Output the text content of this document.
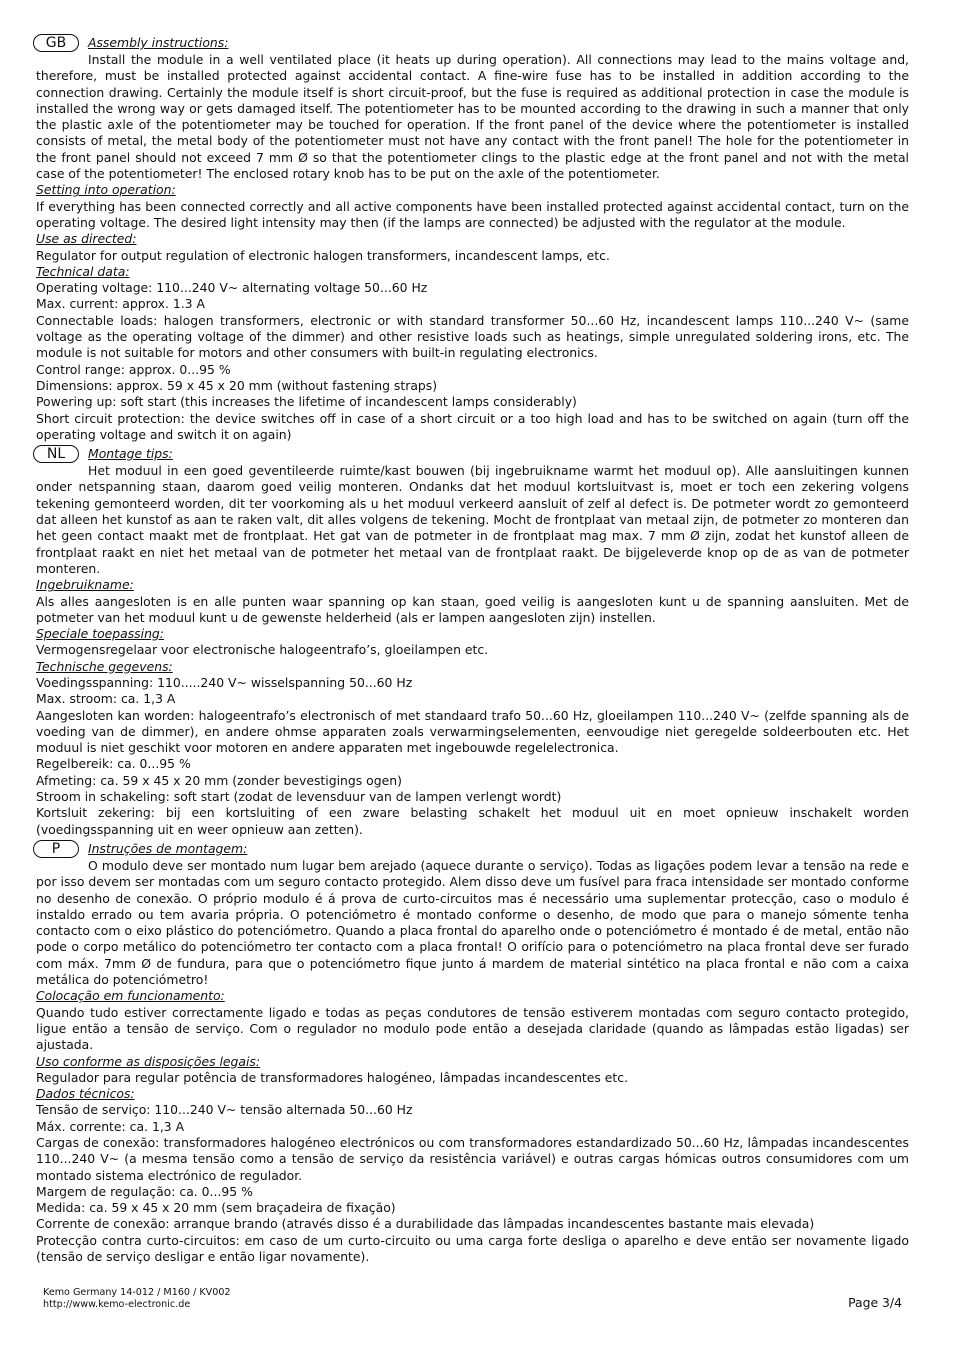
GB	Assembly instructions:

Install the module in a well ventilated place (it heats up during operation). All connections may lead to the mains voltage and, therefore, must be installed protected against accidental contact. A fine-wire fuse has to be installed in addition according to the connection drawing. Certainly the module itself is short circuit-proof, but the fuse is required as additional protection in case the module is installed the wrong way or gets damaged itself. The potentiometer has to be mounted according to the drawing in such a manner that only the plastic axle of the potentiometer may be touched for operation. If the front panel of the device where the potentiometer is installed consists of metal, the metal body of the potentiometer must not have any contact with the front panel! The hole for the potentiometer in the front panel should not exceed 7 mm Ø so that the potentiometer clings to the plastic edge at the front panel and not with the metal case of the potentiometer! The enclosed rotary knob has to be put on the axle of the potentiometer.

Setting into operation:

If everything has been connected correctly and all active components have been installed protected against accidental contact, turn on the operating voltage. The desired light intensity may then (if the lamps are connected) be adjusted with the regulator at the module.

Use as directed:

Regulator for output regulation of electronic halogen transformers, incandescent lamps, etc.

Technical data:

Operating voltage: 110...240 V~ alternating voltage 50...60 Hz

Max. current: approx. 1.3 A

Connectable loads: halogen transformers, electronic or with standard transformer 50...60 Hz, incandescent lamps 110...240 V~ (same voltage as the operating voltage of the dimmer) and other resistive loads such as heatings, simple unregulated soldering irons, etc. The module is not suitable for motors and other consumers with built-in regulating electronics.

Control range: approx. 0...95 %

Dimensions: approx. 59 x 45 x 20 mm (without fastening straps)

Powering up: soft start (this increases the lifetime of incandescent lamps considerably)

Short circuit protection: the device switches off in case of a short circuit or a too high load and has to be switched on again (turn off the operating voltage and switch it on again)

NL	Montage tips:

Het moduul in een goed geventileerde ruimte/kast bouwen (bij ingebruikname warmt het moduul op). Alle aansluitingen kunnen onder netspanning staan, daarom goed veilig monteren. Ondanks dat het moduul kortsluitvast is, moet er toch een zekering volgens tekening gemonteerd worden, dit ter voorkoming als u het moduul verkeerd aansluit of zelf al defect is. De potmeter wordt zo gemonteerd dat alleen het kunstof as aan te raken valt, dit alles volgens de tekening. Mocht de frontplaat van metaal zijn, de potmeter zo monteren dan het geen contact maakt met de frontplaat. Het gat van de potmeter in de frontplaat mag max. 7 mm Ø zijn, zodat het kunstof alleen de frontplaat raakt en niet het metaal van de potmeter het metaal van de frontplaat raakt. De bijgeleverde knop op de as van de potmeter monteren.

Ingebruikname:

Als alles aangesloten is en alle punten waar spanning op kan staan, goed veilig is aangesloten kunt u de spanning aansluiten. Met de potmeter van het moduul kunt u de gewenste helderheid (als er lampen aangesloten zijn) instellen.

Speciale toepassing:

Vermogensregelaar voor electronische halogeentrafo’s, gloeilampen etc.

Technische gegevens:

Voedingsspanning: 110.....240 V~ wisselspanning 50...60 Hz

Max. stroom: ca. 1,3 A

Aangesloten kan worden: halogeentrafo’s electronisch of met standaard trafo 50...60 Hz, gloeilampen 110...240 V~ (zelfde spanning als de voeding van de dimmer), en andere ohmse apparaten zoals verwarmingselementen, eenvoudige niet geregelde soldeerbouten etc. Het moduul is niet geschikt voor motoren en andere apparaten met ingebouwde regelelectronica.

Regelbereik: ca. 0...95 %

Afmeting: ca. 59 x 45 x 20 mm (zonder bevestigings ogen)

Stroom in schakeling: soft start (zodat de levensduur van de lampen verlengt wordt)

Kortsluit zekering: bij een kortsluiting of een zware belasting schakelt het moduul uit en moet opnieuw inschakelt worden (voedingsspanning uit en weer opnieuw aan zetten).

P	Instruções de montagem:

O modulo deve ser montado num lugar bem arejado (aquece durante o serviço). Todas as ligações podem levar a tensão na rede e por isso devem ser montadas com um seguro contacto protegido. Alem disso deve um fusível para fraca intensidade ser montado conforme no desenho de conexão. O próprio modulo é á prova de curto-circuitos mas é necessário uma suplementar protecção, caso o modulo é instaldo errado ou tem avaria própria. O potenciómetro é montado conforme o desenho, de modo que para o manejo sómente tenha contacto com o eixo plástico do potenciómetro. Quando a placa frontal do aparelho onde o potenciómetro é montado é de metal, então não pode o corpo metálico do potenciómetro ter contacto com a placa frontal! O orifício para o potenciómetro na placa frontal deve ser furado com máx. 7mm Ø de fundura, para que o potenciómetro fique junto á mardem de material sintético na placa frontal e não com a caixa metálica do potenciómetro!

Colocação em funcionamento:

Quando tudo estiver correctamente ligado e todas as peças condutores de tensão estiverem montadas com seguro contacto protegido, ligue então a tensão de serviço. Com o regulador no modulo pode então a desejada claridade (quando as lâmpadas estão ligadas) ser ajustada.

Uso conforme as disposições legais:

Regulador para regular potência de transformadores halogéneo, lâmpadas incandescentes etc.

Dados técnicos:

Tensão de serviço: 110...240 V~ tensão alternada 50...60 Hz

Máx. corrente: ca. 1,3 A

Cargas de conexão: transformadores halogéneo electrónicos ou com transformadores estandardizado 50...60 Hz, lâmpadas incandescentes 110...240 V~ (a mesma tensão como a tensão de serviço da resistência variável) e outras cargas hómicas outros consumidores com um montado sistema electrónico de regulador.

Margem de regulação: ca. 0...95 %

Medida: ca. 59 x 45 x 20 mm (sem braçadeira de fixação)

Corrente de conexão: arranque brando (através disso é a durabilidade das lâmpadas incandescentes bastante mais elevada)

Protecção contra curto-circuitos: em caso de um curto-circuito ou uma carga forte desliga o aparelho e deve então ser novamente ligado (tensão de serviço desligar e então ligar novamente).

Kemo Germany 14-012 / M160 / KV002
http://www.kemo-electronic.de	Page 3/4
